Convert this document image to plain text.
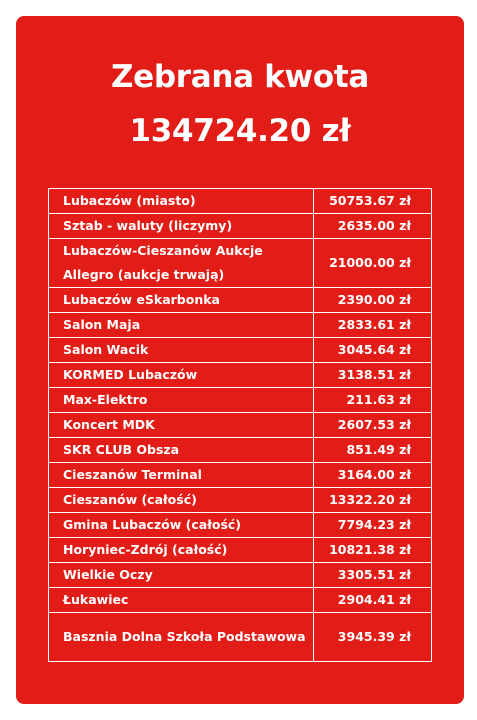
Zebrana kwota
134724.20 zł
Lubaczów (miasto)	50753.67 zł
Sztab - waluty (liczymy)	2635.00 zł
Lubaczów-Cieszanów Aukcje Allegro (aukcje trwają)	21000.00 zł
Lubaczów eSkarbonka	2390.00 zł
Salon Maja	2833.61 zł
Salon Wacik	3045.64 zł
KORMED Lubaczów	3138.51 zł
Max-Elektro	211.63 zł
Koncert MDK	2607.53 zł
SKR CLUB Obsza	851.49 zł
Cieszanów Terminal	3164.00 zł
Cieszanów (całość)	13322.20 zł
Gmina Lubaczów (całość)	7794.23 zł
Horyniec-Zdrój (całość)	10821.38 zł
Wielkie Oczy	3305.51 zł
Łukawiec	2904.41 zł
Basznia Dolna Szkoła Podstawowa	3945.39 zł
